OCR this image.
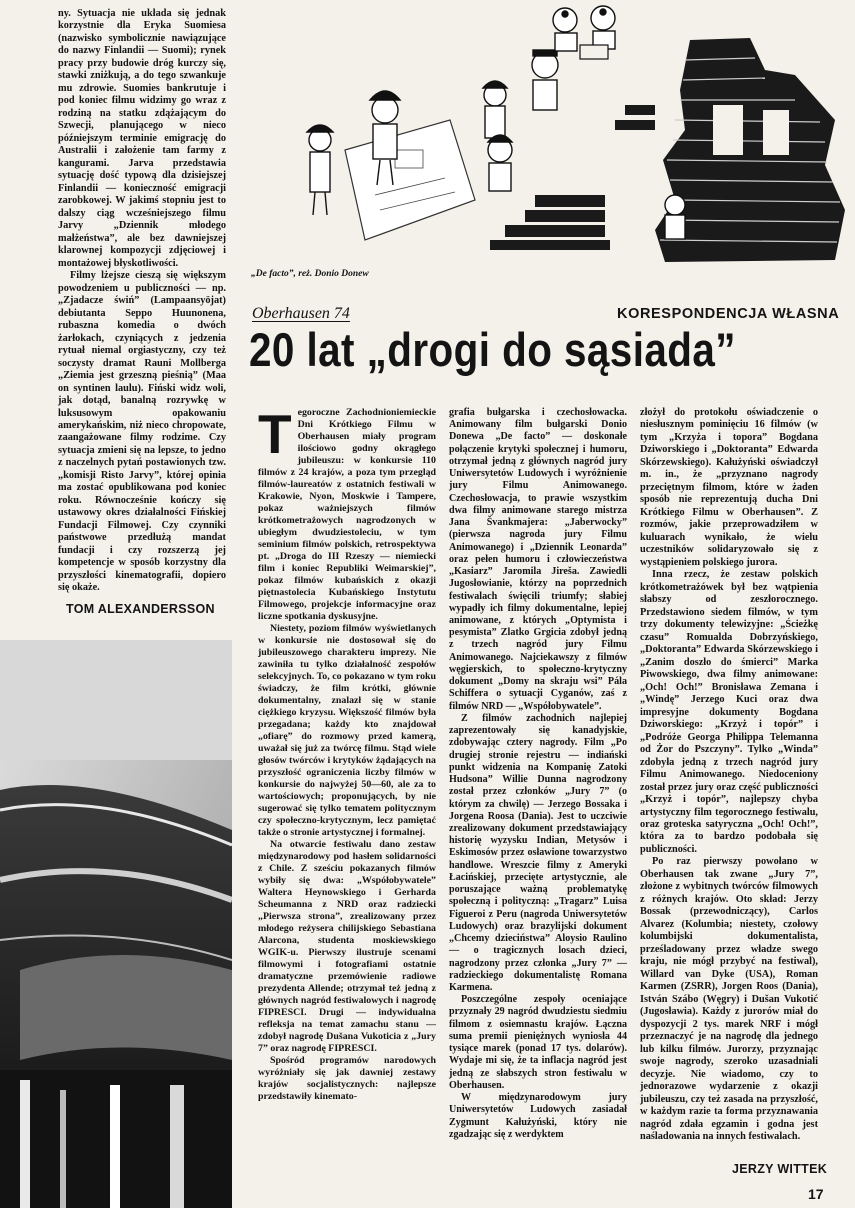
ny. Sytuacja nie układa się jednak korzystnie dla Eryka Suomiesa (nazwisko symbolicznie nawiązujące do nazwy Finlandii — Suomi); rynek pracy przy budowie dróg kurczy się, stawki zniżkują, a do tego szwankuje mu zdrowie. Suomies bankrutuje i pod koniec filmu widzimy go wraz z rodziną na statku zdążającym do Szwecji, planującego w nieco późniejszym terminie emigrację do Australii i założenie tam farmy z kangurami. Jarva przedstawia sytuację dość typową dla dzisiejszej Finlandii — konieczność emigracji zarobkowej. W jakimś stopniu jest to dalszy ciąg wcześniejszego filmu Jarvy „Dziennik młodego małżeństwa”, ale bez dawniejszej klarownej kompozycji zdjęciowej i montażowej błyskotliwości.

Filmy lżejsze cieszą się większym powodzeniem u publiczności — np. „Zjadacze świń” (Lampaansyöjat) debiutanta Seppo Huunonena, rubaszna komedia o dwóch żarłokach, czyniących z jedzenia rytuał niemal orgiastyczny, czy też soczysty dramat Rauni Mollberga „Ziemia jest grzeszną pieśnią” (Maa on syntinen laulu). Fiński widz woli, jak dotąd, banalną rozrywkę w luksusowym opakowaniu amerykańskim, niż nieco chropowate, zaangażowane filmy rodzime. Czy sytuacja zmieni się na lepsze, to jedno z naczelnych pytań postawionych tzw. „komisji Risto Jarvy”, której opinia ma zostać opublikowana pod koniec roku. Równocześnie kończy się ustawowy okres działalności Fińskiej Fundacji Filmowej. Czy czynniki państwowe przedłużą mandat fundacji i czy rozszerzą jej kompetencje w sposób korzystny dla przyszłości kinematografii, dopiero się okaże.

TOM ALEXANDERSSON
„De facto”, reż. Donio Donew
Oberhausen 74	KORESPONDENCJA WŁASNA
20 lat „drogi do sąsiada”
T egoroczne Zachodnioniemieckie Dni Krótkiego Filmu w Oberhausen miały program ilościowo godny okrągłego jubileuszu: w konkursie 110 filmów z 24 krajów, a poza tym przegląd filmów-laureatów z ostatnich festiwali w Krakowie, Nyon, Moskwie i Tampere, pokaz ważniejszych filmów krótkometrażowych nagrodzonych w ubiegłym dwudziestoleciu, w tym seminium filmów polskich, retrospektywa pt. „Droga do III Rzeszy — niemiecki film i koniec Republiki Weimarskiej”, pokaz filmów kubańskich z okazji piętnastolecia Kubańskiego Instytutu Filmowego, projekcje informacyjne oraz liczne spotkania dyskusyjne.

Niestety, poziom filmów wyświetlanych w konkursie nie dostosował się do jubileuszowego charakteru imprezy. Nie zawiniła tu tylko działalność zespołów selekcyjnych. To, co pokazano w tym roku świadczy, że film krótki, głównie dokumentalny, znalazł się w stanie ciężkiego kryzysu. Większość filmów była przegadana; każdy kto znajdował „ofiarę” do rozmowy przed kamerą, uważał się już za twórcę filmu. Stąd wiele głosów twórców i krytyków żądających na przyszłość ograniczenia liczby filmów w konkursie do najwyżej 50—60, ale za to wartościowych; proponujących, by nie sugerować się tylko tematem politycznym czy społeczno-krytycznym, lecz pamiętać także o stronie artystycznej i formalnej.

Na otwarcie festiwalu dano zestaw międzynarodowy pod hasłem solidarności z Chile. Z sześciu pokazanych filmów wybiły się dwa: „Współobywatele” Waltera Heynowskiego i Gerharda Scheumanna z NRD oraz radziecki „Pierwsza strona”, zrealizowany przez młodego reżysera chilijskiego Sebastiana Alarcona, studenta moskiewskiego WGIK-u. Pierwszy ilustruje scenami filmowymi i fotografiami ostatnie dramatyczne przemówienie radiowe prezydenta Allende; otrzymał też jedną z głównych nagród festiwalowych i nagrodę FIPRESCI. Drugi — indywidualna refleksja na temat zamachu stanu — zdobył nagrodę Dušana Vukoticia z „Jury 7” oraz nagrodę FIPRESCI.

Spośród programów narodowych wyróżniały się jak dawniej zestawy krajów socjalistycznych: najlepsze przedstawiły kinemato-

grafia bułgarska i czechosłowacka. Animowany film bułgarski Donio Donewa „De facto” — doskonałe połączenie krytyki społecznej i humoru, otrzymał jedną z głównych nagród jury Uniwersytetów Ludowych i wyróżnienie jury Filmu Animowanego. Czechosłowacja, to prawie wszystkim dwa filmy animowane starego mistrza Jana Švankmajera: „Jaberwocky” (pierwsza nagroda jury Filmu Animowanego) i „Dziennik Leonarda” oraz pełen humoru i człowieczeństwa „Kasiarz” Jaromila Jireša. Zawiedli Jugosłowianie, którzy na poprzednich festiwalach święcili triumfy; słabiej wypadły ich filmy dokumentalne, lepiej animowane, z których „Optymista i pesymista” Zlatko Grgicia zdobył jedną z trzech nagród jury Filmu Animowanego. Najciekawszy z filmów węgierskich, to społeczno-krytyczny dokument „Domy na skraju wsi” Pála Schiffera o sytuacji Cyganów, zaś z filmów NRD — „Współobywatele”.

Z filmów zachodnich najlepiej zaprezentowały się kanadyjskie, zdobywając cztery nagrody. Film „Po drugiej stronie rejestru — indiański punkt widzenia na Kompanię Zatoki Hudsona” Willie Dunna nagrodzony został przez członków „Jury 7” (o którym za chwilę) — Jerzego Bossaka i Jorgena Roosa (Dania). Jest to uczciwie zrealizowany dokument przedstawiający historię wyzysku Indian, Metysów i Eskimosów przez osławione towarzystwo handlowe. Wreszcie filmy z Ameryki Łacińskiej, przecięte artystycznie, ale poruszające ważną problematykę społeczną i polityczną: „Tragarz” Luisa Figueroi z Peru (nagroda Uniwersytetów Ludowych) oraz brazylijski dokument „Chcemy dzieciństwa” Aloysio Raulino — o tragicznych losach dzieci, nagrodzony przez członka „Jury 7” — radzieckiego dokumentalistę Romana Karmena.

Poszczególne zespoły oceniające przyznały 29 nagród dwudziestu siedmiu filmom z osiemnastu krajów. Łączna suma premii pieniężnych wyniosła 44 tysiące marek (ponad 17 tys. dolarów). Wydaje mi się, że ta inflacja nagród jest jedną ze słabszych stron festiwalu w Oberhausen.

W międzynarodowym jury Uniwersytetów Ludowych zasiadał Zygmunt Kałużyński, który nie zgadzając się z werdyktem

złożył do protokołu oświadczenie o niesłusznym pominięciu 16 filmów (w tym „Krzyża i topora” Bogdana Dziworskiego i „Doktoranta” Edwarda Skórzewskiego). Kałużyński oświadczył m. in., że „przyznano nagrody przeciętnym filmom, które w żaden sposób nie reprezentują ducha Dni Krótkiego Filmu w Oberhausen”. Z rozmów, jakie przeprowadziłem w kuluarach wynikało, że wielu uczestników solidaryzowało się z wystąpieniem polskiego jurora.

Inna rzecz, że zestaw polskich krótkometrażówek był bez wątpienia słabszy od zeszłorocznego. Przedstawiono siedem filmów, w tym trzy dokumenty telewizyjne: „Ścieżkę czasu” Romualda Dobrzyńskiego, „Doktoranta” Edwarda Skórzewskiego i „Zanim doszło do śmierci” Marka Piwowskiego, dwa filmy animowane: „Och! Och!” Bronisława Zemana i „Windę” Jerzego Kuci oraz dwa impresyjne dokumenty Bogdana Dziworskiego: „Krzyż i topór” i „Podróże Georga Philippa Telemanna od Żor do Pszczyny”. Tylko „Winda” zdobyła jedną z trzech nagród jury Filmu Animowanego. Niedoceniony został przez jury oraz część publiczności „Krzyż i topór”, najlepszy chyba artystyczny film tegorocznego festiwalu, oraz groteska satyryczna „Och! Och!”, która za to bardzo podobała się publiczności.

Po raz pierwszy powołano w Oberhausen tak zwane „Jury 7”, złożone z wybitnych twórców filmowych z różnych krajów. Oto skład: Jerzy Bossak (przewodniczący), Carlos Alvarez (Kolumbia; niestety, czołowy kolumbijski dokumentalista, prześladowany przez władze swego kraju, nie mógł przybyć na festiwal), Willard van Dyke (USA), Roman Karmen (ZSRR), Jorgen Roos (Dania), István Szábo (Węgry) i Dušan Vukotić (Jugosławia). Każdy z jurorów miał do dyspozycji 2 tys. marek NRF i mógł przeznaczyć je na nagrodę dla jednego lub kilku filmów. Jurorzy, przyznając swoje nagrody, szeroko uzasadniali decyzje. Nie wiadomo, czy to jednorazowe wydarzenie z okazji jubileuszu, czy też zasada na przyszłość, w każdym razie ta forma przyznawania nagród zdała egzamin i godna jest naśladowania na innych festiwalach.

JERZY WITTEK
17
